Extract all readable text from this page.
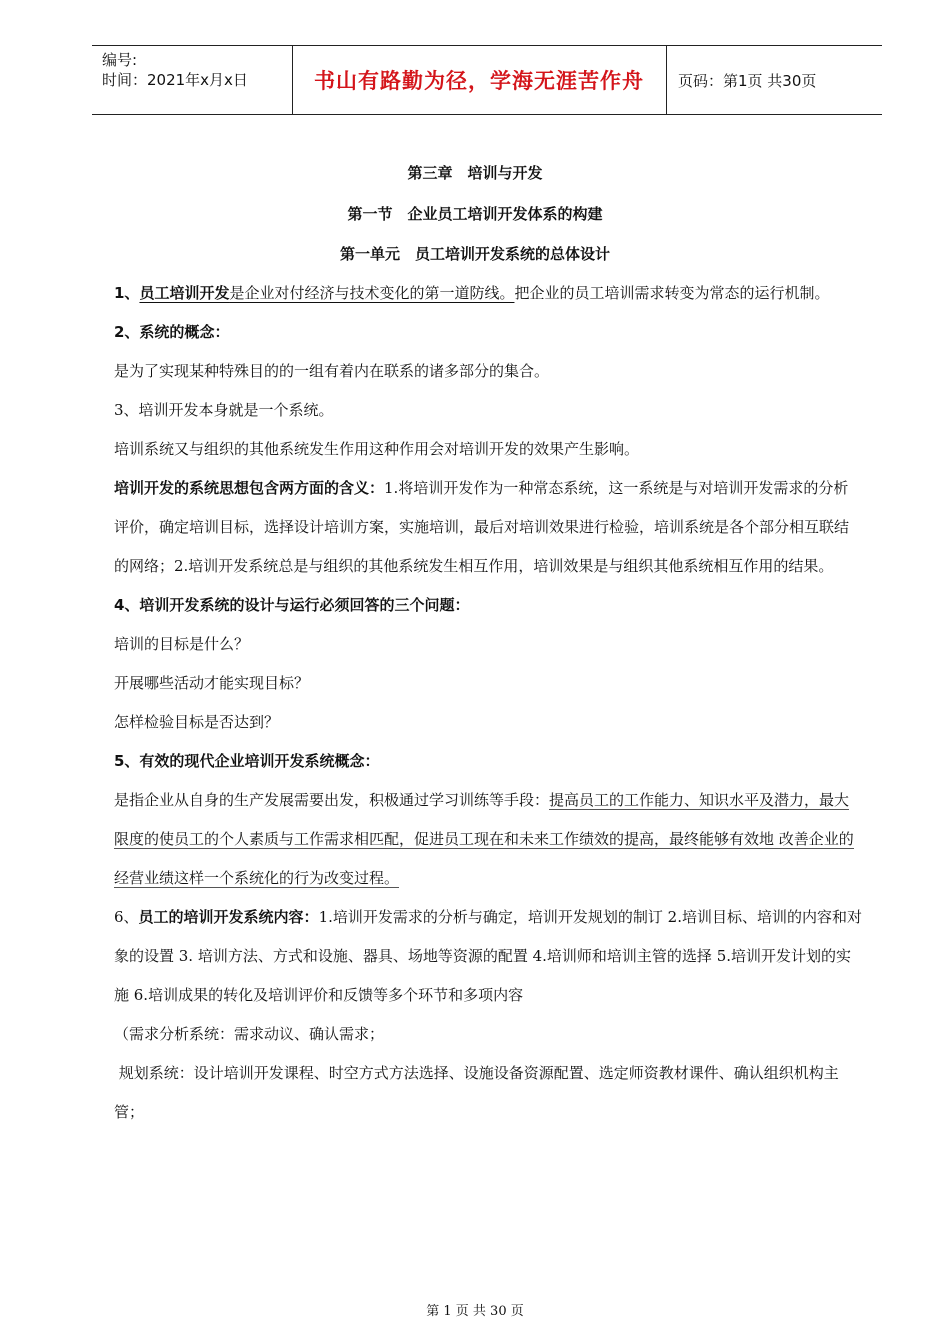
编号:
时间：2021年x月x日	书山有路勤为径，学海无涯苦作舟	页码：第1页 共30页
第三章　培训与开发
第一节　企业员工培训开发体系的构建
第一单元　员工培训开发系统的总体设计

1、员工培训开发是企业对付经济与技术变化的第一道防线。把企业的员工培训需求转变为常态的运行机制。

2、系统的概念：

是为了实现某种特殊目的的一组有着内在联系的诸多部分的集合。

3、培训开发本身就是一个系统。

培训系统又与组织的其他系统发生作用这种作用会对培训开发的效果产生影响。

培训开发的系统思想包含两方面的含义：1.将培训开发作为一种常态系统，这一系统是与对培训开发需求的分析评价，确定培训目标，选择设计培训方案，实施培训，最后对培训效果进行检验，培训系统是各个部分相互联结的网络；2.培训开发系统总是与组织的其他系统发生相互作用，培训效果是与组织其他系统相互作用的结果。

4、培训开发系统的设计与运行必须回答的三个问题：

培训的目标是什么？

开展哪些活动才能实现目标？

怎样检验目标是否达到？

5、有效的现代企业培训开发系统概念：

是指企业从自身的生产发展需要出发，积极通过学习训练等手段：提高员工的工作能力、知识水平及潜力，最大限度的使员工的个人素质与工作需求相匹配，促进员工现在和未来工作绩效的提高，最终能够有效地 改善企业的经营业绩这样一个系统化的行为改变过程。

6、员工的培训开发系统内容：1.培训开发需求的分析与确定，培训开发规划的制订 2.培训目标、培训的内容和对象的设置 3. 培训方法、方式和设施、器具、场地等资源的配置 4.培训师和培训主管的选择 5.培训开发计划的实施 6.培训成果的转化及培训评价和反馈等多个环节和多项内容

（需求分析系统：需求动议、确认需求；

规划系统：设计培训开发课程、时空方式方法选择、设施设备资源配置、选定师资教材课件、确认组织机构主管；

第 1 页 共 30 页
